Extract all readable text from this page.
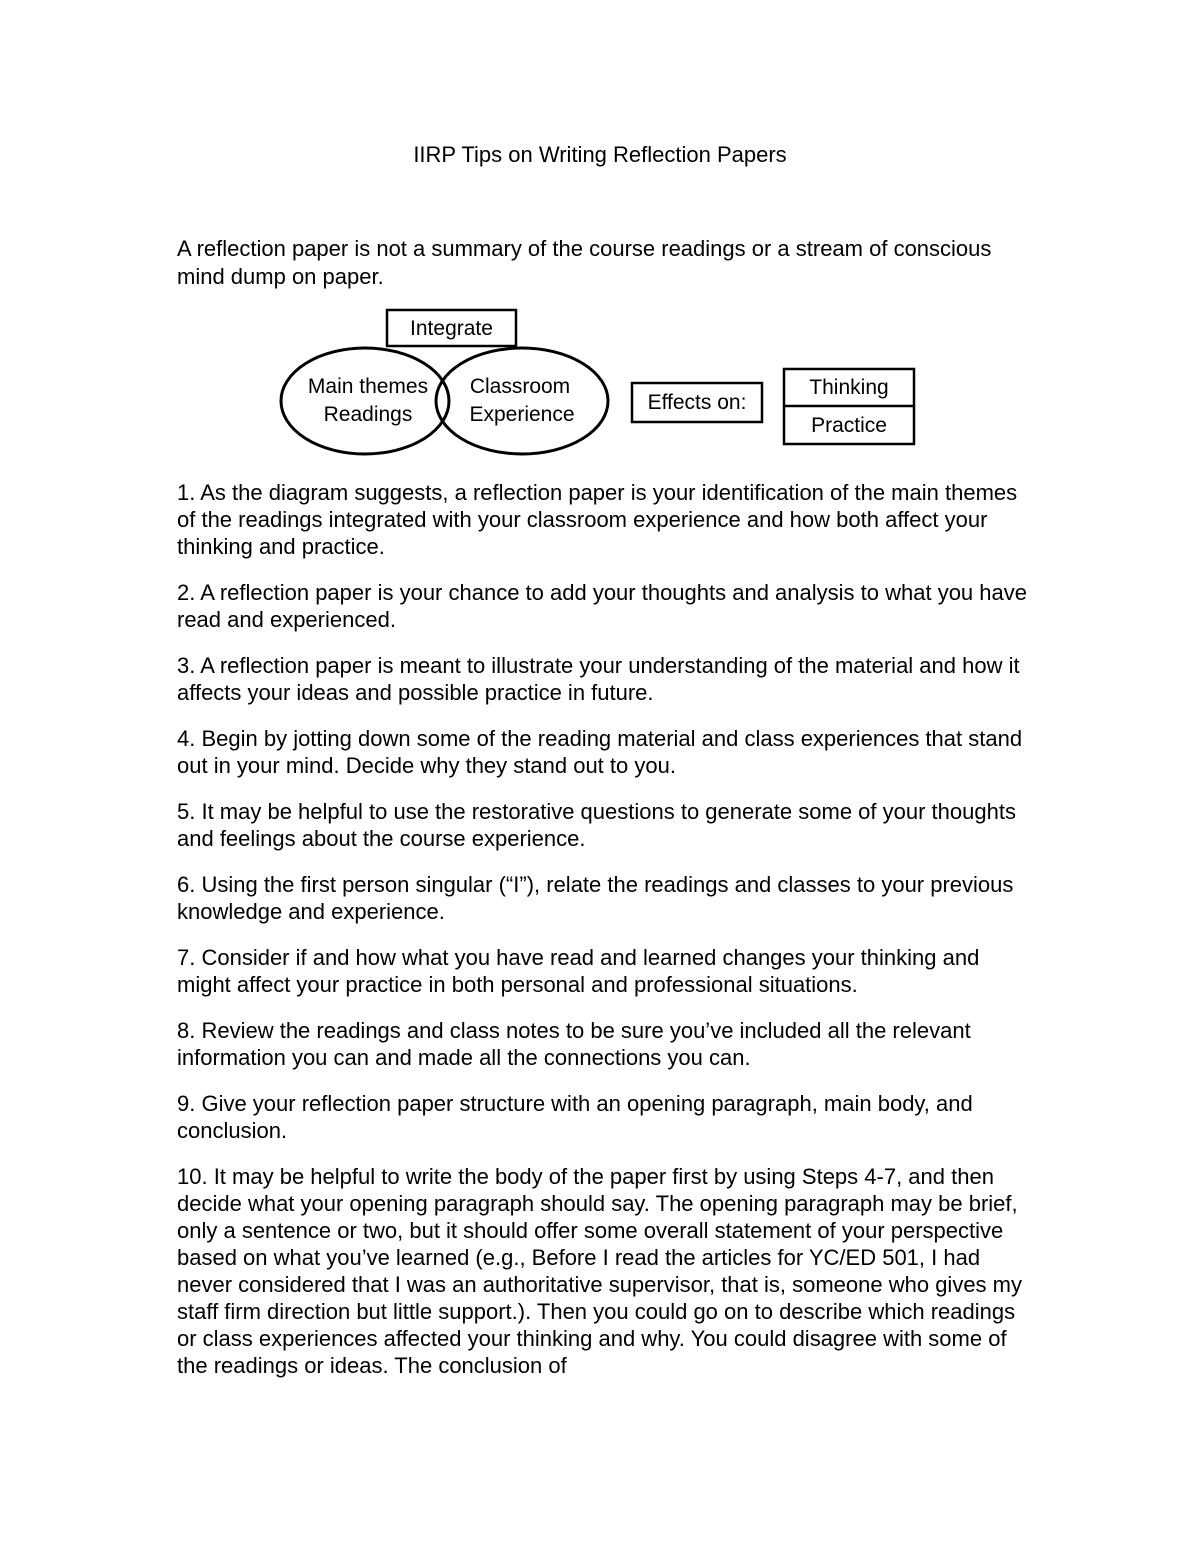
IIRP Tips on Writing Reflection Papers
A reflection paper is not a summary of the course readings or a stream of conscious mind dump on paper.
Integrate
Main themes
Readings
Classroom
Experience
Effects on:
Thinking
Practice
1. As the diagram suggests, a reflection paper is your identification of the main themes of the readings integrated with your classroom experience and how both affect your thinking and practice.
2. A reflection paper is your chance to add your thoughts and analysis to what you have read and experienced.
3. A reflection paper is meant to illustrate your understanding of the material and how it affects your ideas and possible practice in future.
4. Begin by jotting down some of the reading material and class experiences that stand out in your mind. Decide why they stand out to you.
5. It may be helpful to use the restorative questions to generate some of your thoughts and feelings about the course experience.
6. Using the first person singular (“I”), relate the readings and classes to your previous knowledge and experience.
7. Consider if and how what you have read and learned changes your thinking and might affect your practice in both personal and professional situations.
8. Review the readings and class notes to be sure you’ve included all the relevant information you can and made all the connections you can.
9. Give your reflection paper structure with an opening paragraph, main body, and conclusion.
10. It may be helpful to write the body of the paper first by using Steps 4-7, and then decide what your opening paragraph should say. The opening paragraph may be brief, only a sentence or two, but it should offer some overall statement of your perspective based on what you’ve learned (e.g., Before I read the articles for YC/ED 501, I had never considered that I was an authoritative supervisor, that is, someone who gives my staff firm direction but little support.). Then you could go on to describe which readings or class experiences affected your thinking and why. You could disagree with some of the readings or ideas. The conclusion of
